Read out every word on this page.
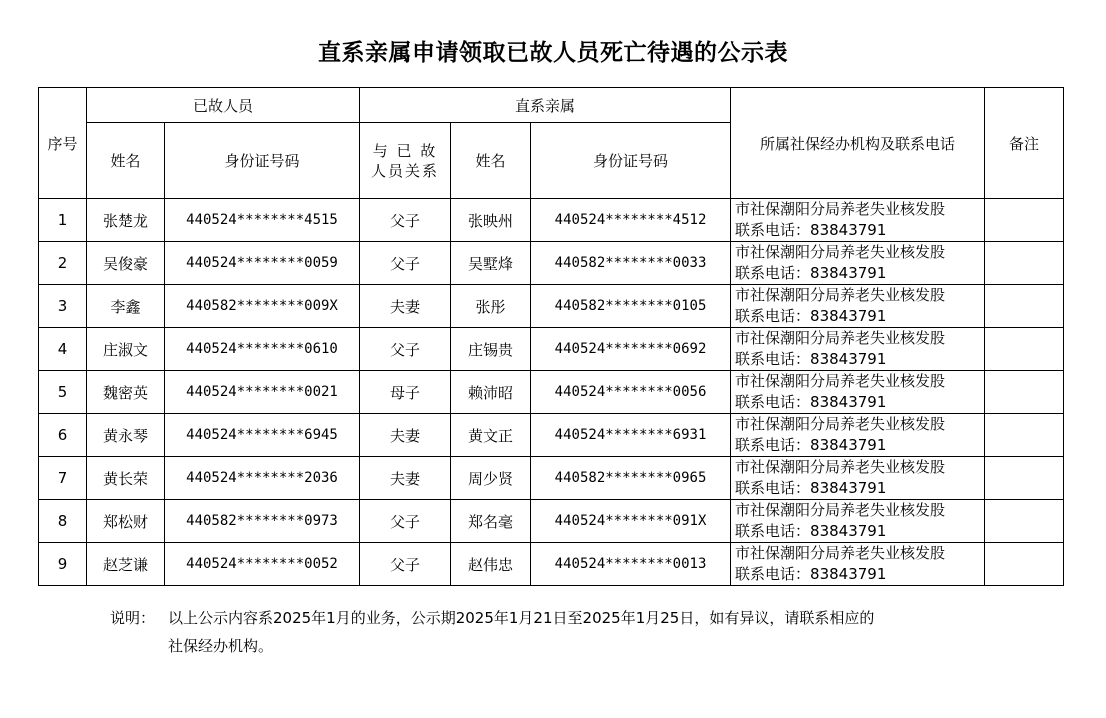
直系亲属申请领取已故人员死亡待遇的公示表
序号	已故人员		直系亲属			所属社保经办机构及联系电话	备注
	姓名	身份证号码	与 已 故人员关系	姓名	身份证号码		
1	张楚龙	440524********4515	父子	张映州	440524********4512	市社保潮阳分局养老失业核发股
联系电话：83843791	

2	吴俊豪	440524********0059	父子	吴墅烽	440582********0033	市社保潮阳分局养老失业核发股
联系电话：83843791	

3	李鑫	440582********009X	夫妻	张彤	440582********0105	市社保潮阳分局养老失业核发股
联系电话：83843791	

4	庄淑文	440524********0610	父子	庄锡贵	440524********0692	市社保潮阳分局养老失业核发股
联系电话：83843791	

5	魏密英	440524********0021	母子	赖沛昭	440524********0056	市社保潮阳分局养老失业核发股
联系电话：83843791	

6	黄永琴	440524********6945	夫妻	黄文正	440524********6931	市社保潮阳分局养老失业核发股
联系电话：83843791	

7	黄长荣	440524********2036	夫妻	周少贤	440582********0965	市社保潮阳分局养老失业核发股
联系电话：83843791	

8	郑松财	440582********0973	父子	郑名毫	440524********091X	市社保潮阳分局养老失业核发股
联系电话：83843791	

9	赵芝谦	440524********0052	父子	赵伟忠	440524********0013	市社保潮阳分局养老失业核发股
联系电话：83843791	

说明： 以上公示内容系2025年1月的业务，公示期2025年1月21日至2025年1月25日，如有异议，请联系相应的
社保经办机构。
